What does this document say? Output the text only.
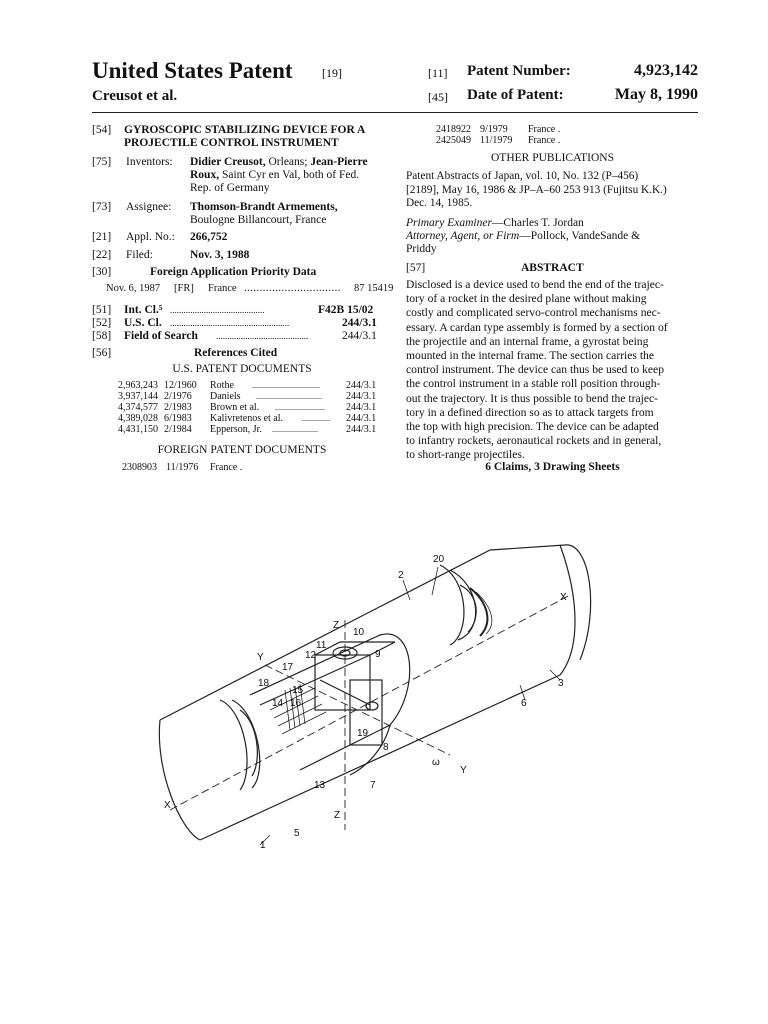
United States Patent [19]
Creusot et al.
[11] Patent Number:	4,923,142
[45] Date of Patent:	May 8, 1990
[54] GYROSCOPIC STABILIZING DEVICE FOR A
PROJECTILE CONTROL INSTRUMENT
[75] Inventors: Didier Creusot, Orleans; Jean-Pierre
Roux, Saint Cyr en Val, both of Fed.
Rep. of Germany
[73] Assignee: Thomson-Brandt Armements,
Boulogne Billancourt, France
[21] Appl. No.: 266,752
[22] Filed:	Nov. 3, 1988
[30]	Foreign Application Priority Data
Nov. 6, 1987 [FR] France ............................... 87 15419
[51] Int. Cl.⁵ ..........................................	F42B 15/02
[52] U.S. Cl. .....................................................	244/3.1
[58] Field of Search .........................................	244/3.1
[56]	References Cited
U.S. PATENT DOCUMENTS
2,963,243 12/1960 Rothe ..................................	244/3.1
3,937,144 2/1976 Daniels ................................. 244/3.1
4,374,577 2/1983 Brown et al. ......................... 244/3.1
4,389,028 6/1983 Kalivretenos et al. .............. 244/3.1
4,431,150 2/1984 Epperson, Jr. .......................	244/3.1
FOREIGN PATENT DOCUMENTS
2308903 11/1976 France .
2418922 9/1979 France .
2425049 11/1979 France .
OTHER PUBLICATIONS
Patent Abstracts of Japan, vol. 10, No. 132 (P–456)
[2189], May 16, 1986 & JP–A–60 253 913 (Fujitsu K.K.)
Dec. 14, 1985.
Primary Examiner—Charles T. Jordan
Attorney, Agent, or Firm—Pollock, VandeSande &
Priddy
[57]	ABSTRACT
Disclosed is a device used to bend the end of the trajec-
tory of a rocket in the desired plane without making
costly and complicated servo-control mechanisms nec-
essary. A cardan type assembly is formed by a section of
the projectile and an internal frame, a gyrostat being
mounted in the internal frame. The section carries the
control instrument. The device can thus be used to keep
the control instrument in a stable roll position through-
out the trajectory. It is thus possible to bend the trajec-
tory in a defined direction so as to attack targets from
the top with high precision. The device can be adapted
to infantry rockets, aeronautical rockets and in general,
to short-range projectiles.
6 Claims, 3 Drawing Sheets
20
2
X
Z
10
11
9
12
Y
17
3
18
15
14 16	6
19
8
ω
Y
13	7
X
Z
5
1
